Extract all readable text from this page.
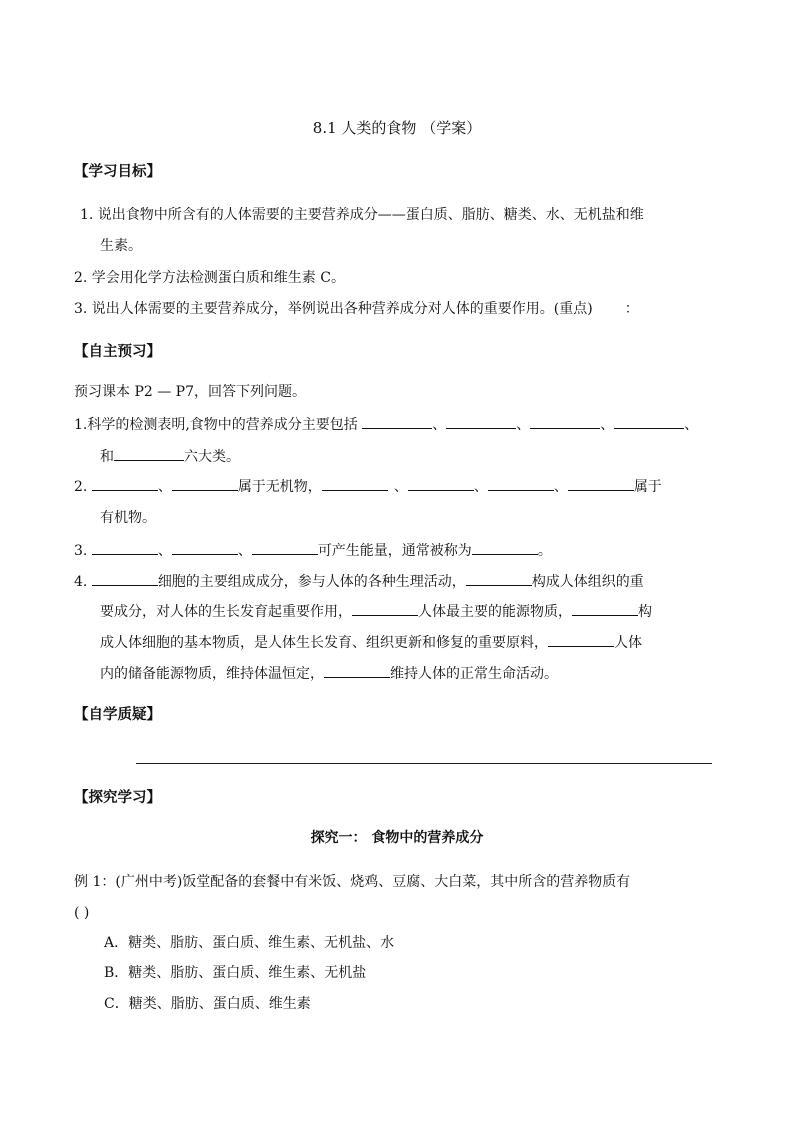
8.1 人类的食物 （学案）
【学习目标】
1. 说出食物中所含有的人体需要的主要营养成分——蛋白质、脂肪、糖类、水、无机盐和维
生素。
2. 学会用化学方法检测蛋白质和维生素 C。
3. 说出人体需要的主要营养成分，举例说出各种营养成分对人体的重要作用。(重点) ：
【自主预习】
预习课本 P2 — P7，回答下列问题。
1.科学的检测表明,食物中的营养成分主要包括	、	、	、	、
和	六大类。
2.	、	属于无机物，	、	、	、	属于
有机物。
3.	、	、	可产生能量，通常被称为	。
4.	细胞的主要组成成分，参与人体的各种生理活动，	构成人体组织的重
要成分，对人体的生长发育起重要作用，	人体最主要的能源物质，	构
成人体细胞的基本物质，是人体生长发育、组织更新和修复的重要原料，	人体
内的储备能源物质，维持体温恒定，	维持人体的正常生命活动。
【自学质疑】
【探究学习】
探究一： 食物中的营养成分
例 1：(广州中考)饭堂配备的套餐中有米饭、烧鸡、豆腐、大白菜，其中所含的营养物质有
( )
A．糖类、脂肪、蛋白质、维生素、无机盐、水
B．糖类、脂肪、蛋白质、维生素、无机盐
C．糖类、脂肪、蛋白质、维生素
